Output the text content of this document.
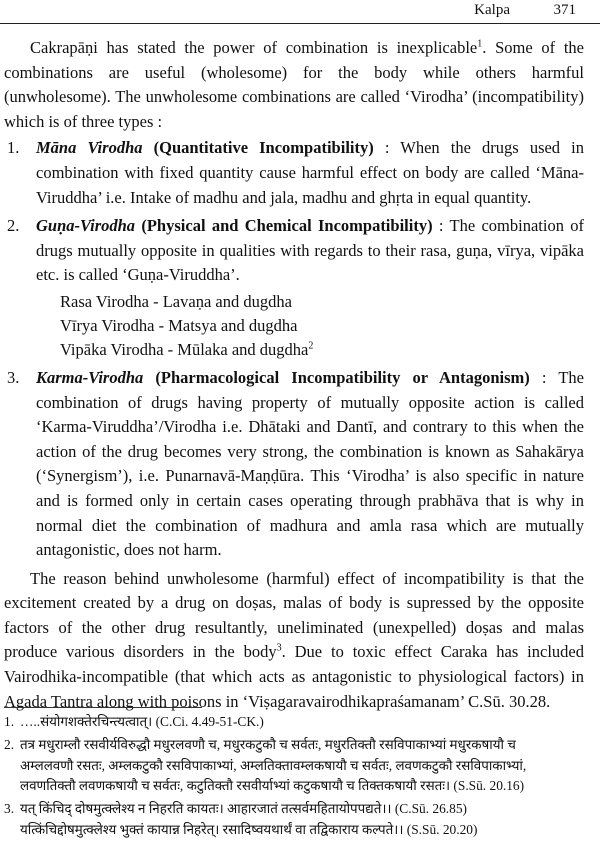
Kalpa	371

Cakrapāṇi has stated the power of combination is inexplicable$^1$. Some of the combinations are useful (wholesome) for the body while others harmful (unwholesome). The unwholesome combinations are called ‘Virodha’ (incompatibility) which is of three types :

1. Māna Virodha (Quantitative Incompatibility) : When the drugs used in combination with fixed quantity cause harmful effect on body are called ‘Māna-Viruddha’ i.e. Intake of madhu and jala, madhu and ghṛta in equal quantity.

2. Guṇa-Virodha (Physical and Chemical Incompatibility) : The combination of drugs mutually opposite in qualities with regards to their rasa, guṇa, vīrya, vipāka etc. is called ‘Guṇa-Viruddha’.

Rasa Virodha - Lavaṇa and dugdha
Vīrya Virodha - Matsya and dugdha
Vipāka Virodha - Mūlaka and dugdha$^2$
3. Karma-Virodha (Pharmacological Incompatibility or Antagonism) : The combination of drugs having property of mutually opposite action is called ‘Karma-Viruddha’/Virodha i.e. Dhātaki and Dantī, and contrary to this when the action of the drug becomes very strong, the combination is known as Sahakārya (‘Synergism’), i.e. Punarnavā-Maṇḍūra. This ‘Virodha’ is also specific in nature and is formed only in certain cases operating through prabhāva that is why in normal diet the combination of madhura and amla rasa which are mutually antagonistic, does not harm.

The reason behind unwholesome (harmful) effect of incompatibility is that the excitement created by a drug on doṣas, malas of body is supressed by the opposite factors of the other drug resultantly, uneliminated (unexpelled) doṣas and malas produce various disorders in the body$^3$. Due to toxic effect Caraka has included Vairodhika-incompatible (that which acts as antagonistic to physiological factors) in Agada Tantra along with poisons in ‘Viṣagaravairodhikapraśamanam’ C.Sū. 30.28.

1. …..संयोगशक्तेरचिन्त्यत्वात्। (C.Ci. 4.49-51-CK.)
2. तत्र मधुराम्लौ रसवीर्यविरुद्धौ मधुरलवणौ च, मधुरकटुकौ च सर्वतः, मधुरतिक्तौ रसविपाकाभ्यां मधुरकषायौ च
अम्ललवणौ रसतः, अम्लकटुकौ रसविपाकाभ्यां, अम्लतिक्तावम्लकषायौ च सर्वतः, लवणकटुकौ रसविपाकाभ्यां,
लवणतिक्तौ लवणकषायौ च सर्वतः, कटुतिक्तौ रसवीर्याभ्यां कटुकषायौ च तिक्तकषायौ रसतः। (S.Sū. 20.16)
3. यत् किंचिद् दोषमुत्क्लेश्य न निहरति कायतः। आहारजातं तत्सर्वमहितायोपपद्यते।। (C.Sū. 26.85)
यत्किंचिद्दोषमुत्क्लेश्य भुक्तं कायान्न निहरेत्। रसादिष्वयथार्थं वा तद्विकाराय कल्पते।। (S.Sū. 20.20)
